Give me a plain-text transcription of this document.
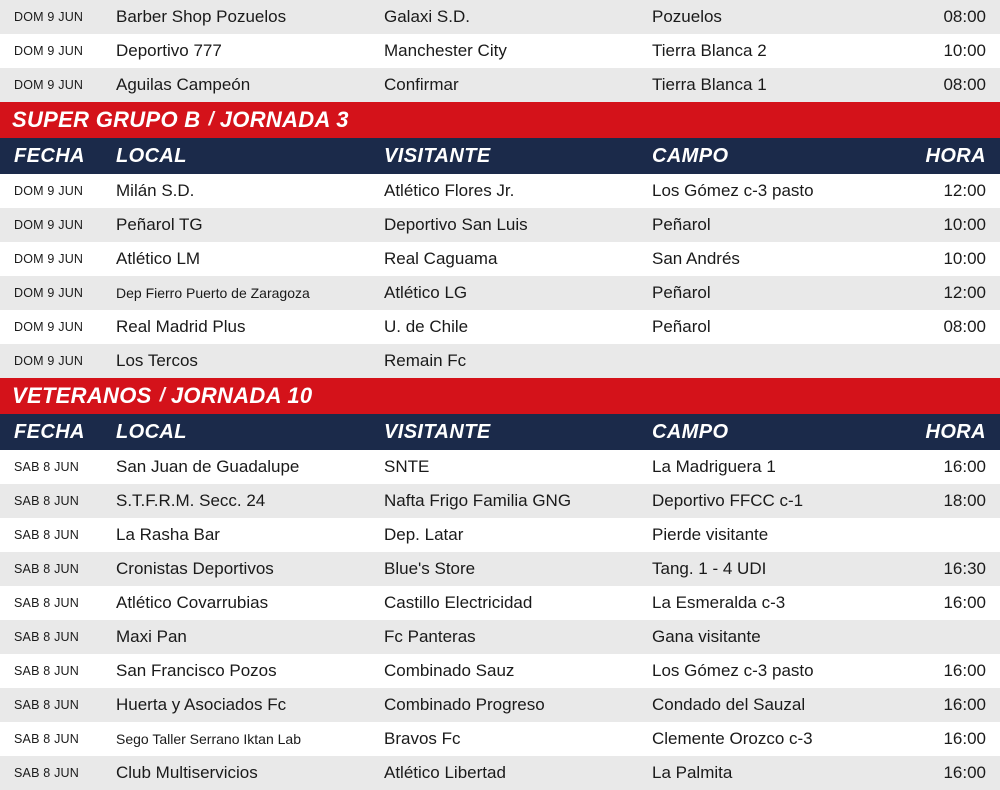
DOM 9 JUN	Barber Shop Pozuelos	Galaxi S.D.	Pozuelos	08:00
DOM 9 JUN	Deportivo 777	Manchester City	Tierra Blanca 2	10:00
DOM 9 JUN	Aguilas Campeón	Confirmar	Tierra Blanca 1	08:00
SUPER GRUPO B / JORNADA 3
FECHA	LOCAL	VISITANTE	CAMPO	HORA
DOM 9 JUN	Milán S.D.	Atlético Flores Jr.	Los Gómez c-3 pasto	12:00
DOM 9 JUN	Peñarol TG	Deportivo San Luis	Peñarol	10:00
DOM 9 JUN	Atlético LM	Real Caguama	San Andrés	10:00
DOM 9 JUN	Dep Fierro Puerto de Zaragoza	Atlético LG	Peñarol	12:00
DOM 9 JUN	Real Madrid Plus	U. de Chile	Peñarol	08:00
DOM 9 JUN	Los Tercos	Remain Fc
VETERANOS / JORNADA 10
FECHA	LOCAL	VISITANTE	CAMPO	HORA
SAB 8 JUN	San Juan de Guadalupe	SNTE	La Madriguera 1	16:00
SAB 8 JUN	S.T.F.R.M. Secc. 24	Nafta Frigo Familia GNG	Deportivo FFCC c-1	18:00
SAB 8 JUN	La Rasha Bar	Dep. Latar	Pierde visitante
SAB 8 JUN	Cronistas Deportivos	Blue's Store	Tang. 1 - 4 UDI	16:30
SAB 8 JUN	Atlético Covarrubias	Castillo Electricidad	La Esmeralda c-3	16:00
SAB 8 JUN	Maxi Pan	Fc Panteras	Gana visitante
SAB 8 JUN	San Francisco Pozos	Combinado Sauz	Los Gómez c-3 pasto	16:00
SAB 8 JUN	Huerta y Asociados Fc	Combinado Progreso	Condado del Sauzal	16:00
SAB 8 JUN	Sego Taller Serrano Iktan Lab	Bravos Fc	Clemente Orozco c-3	16:00
SAB 8 JUN	Club Multiservicios	Atlético Libertad	La Palmita	16:00
